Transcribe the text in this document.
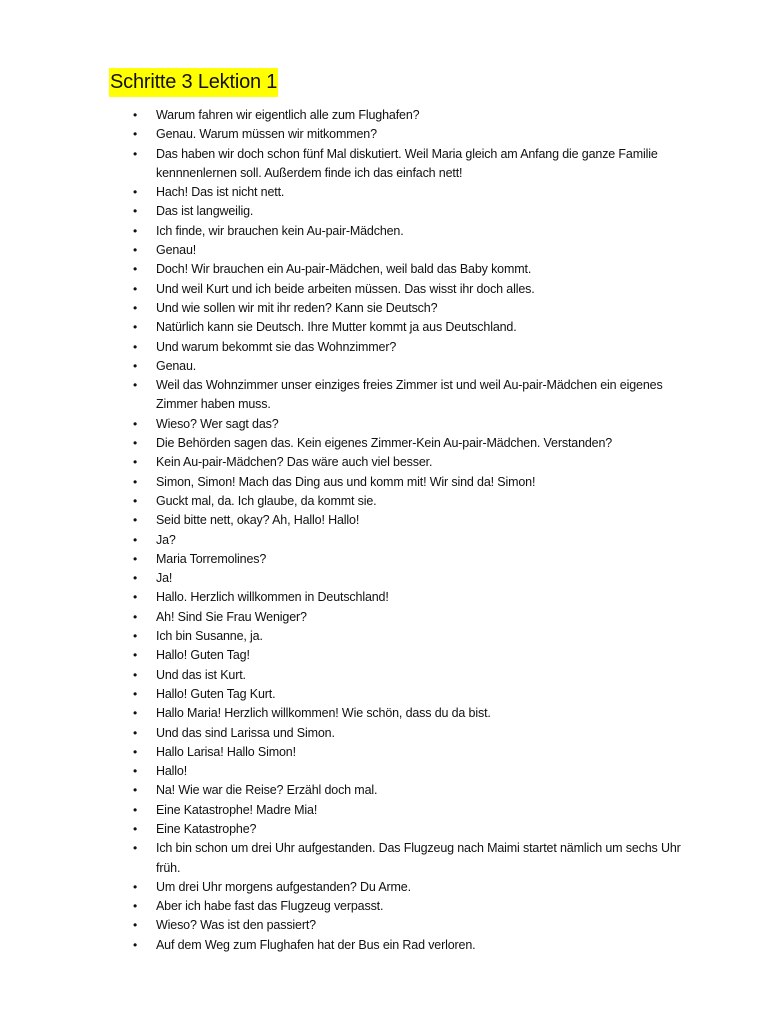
Schritte 3 Lektion 1
• Warum fahren wir eigentlich alle zum Flughafen?
• Genau. Warum müssen wir mitkommen?
• Das haben wir doch schon fünf Mal diskutiert. Weil Maria gleich am Anfang die ganze Familie
kennnenlernen soll. Außerdem finde ich das einfach nett!
• Hach! Das ist nicht nett.
• Das ist langweilig.
• Ich finde, wir brauchen kein Au-pair-Mädchen.
• Genau!
• Doch! Wir brauchen ein Au-pair-Mädchen, weil bald das Baby kommt.
• Und weil Kurt und ich beide arbeiten müssen. Das wisst ihr doch alles.
• Und wie sollen wir mit ihr reden? Kann sie Deutsch?
• Natürlich kann sie Deutsch. Ihre Mutter kommt ja aus Deutschland.
• Und warum bekommt sie das Wohnzimmer?
• Genau.
• Weil das Wohnzimmer unser einziges freies Zimmer ist und weil Au-pair-Mädchen ein eigenes
Zimmer haben muss.
• Wieso? Wer sagt das?
• Die Behörden sagen das. Kein eigenes Zimmer-Kein Au-pair-Mädchen. Verstanden?
• Kein Au-pair-Mädchen? Das wäre auch viel besser.
• Simon, Simon! Mach das Ding aus und komm mit! Wir sind da! Simon!
• Guckt mal, da. Ich glaube, da kommt sie.
• Seid bitte nett, okay? Ah, Hallo! Hallo!
• Ja?
• Maria Torremolines?
• Ja!
• Hallo. Herzlich willkommen in Deutschland!
• Ah! Sind Sie Frau Weniger?
• Ich bin Susanne, ja.
• Hallo! Guten Tag!
• Und das ist Kurt.
• Hallo! Guten Tag Kurt.
• Hallo Maria! Herzlich willkommen! Wie schön, dass du da bist.
• Und das sind Larissa und Simon.
• Hallo Larisa! Hallo Simon!
• Hallo!
• Na! Wie war die Reise? Erzähl doch mal.
• Eine Katastrophe! Madre Mia!
• Eine Katastrophe?
• Ich bin schon um drei Uhr aufgestanden. Das Flugzeug nach Maimi startet nämlich um sechs Uhr
früh.
• Um drei Uhr morgens aufgestanden? Du Arme.
• Aber ich habe fast das Flugzeug verpasst.
• Wieso? Was ist den passiert?
• Auf dem Weg zum Flughafen hat der Bus ein Rad verloren.
